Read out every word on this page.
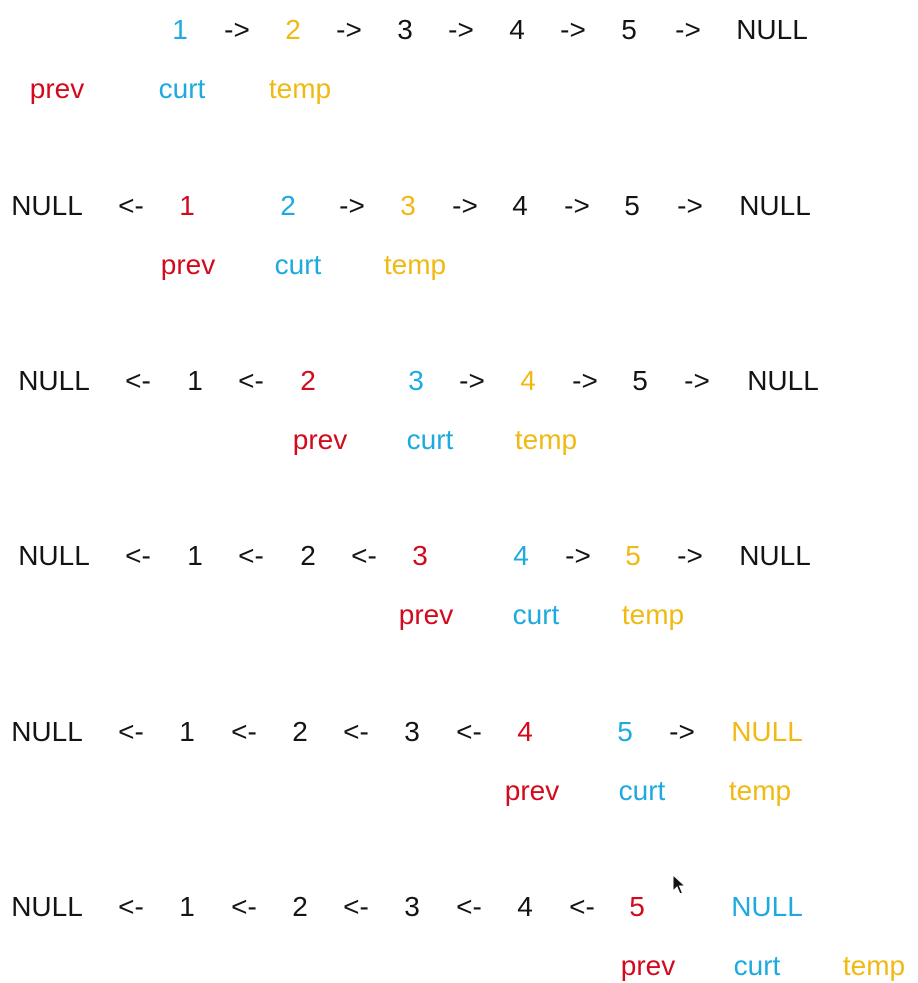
1 -> 2 -> 3 -> 4 -> 5 -> NULL
prev	curt temp
NULL <- 1	2 -> 3 -> 4 -> 5 -> NULL
prev curt temp
NULL <- 1 <- 2	3 -> 4 -> 5 -> NULL
prev curt temp
NULL <- 1 <- 2 <- 3	4 -> 5 -> NULL
prev curt temp
NULL <- 1 <- 2 <- 3 <- 4	5 -> NULL
prev curt temp
NULL <- 1 <- 2 <- 3 <- 4 <- 5	NULL
prev curt temp
